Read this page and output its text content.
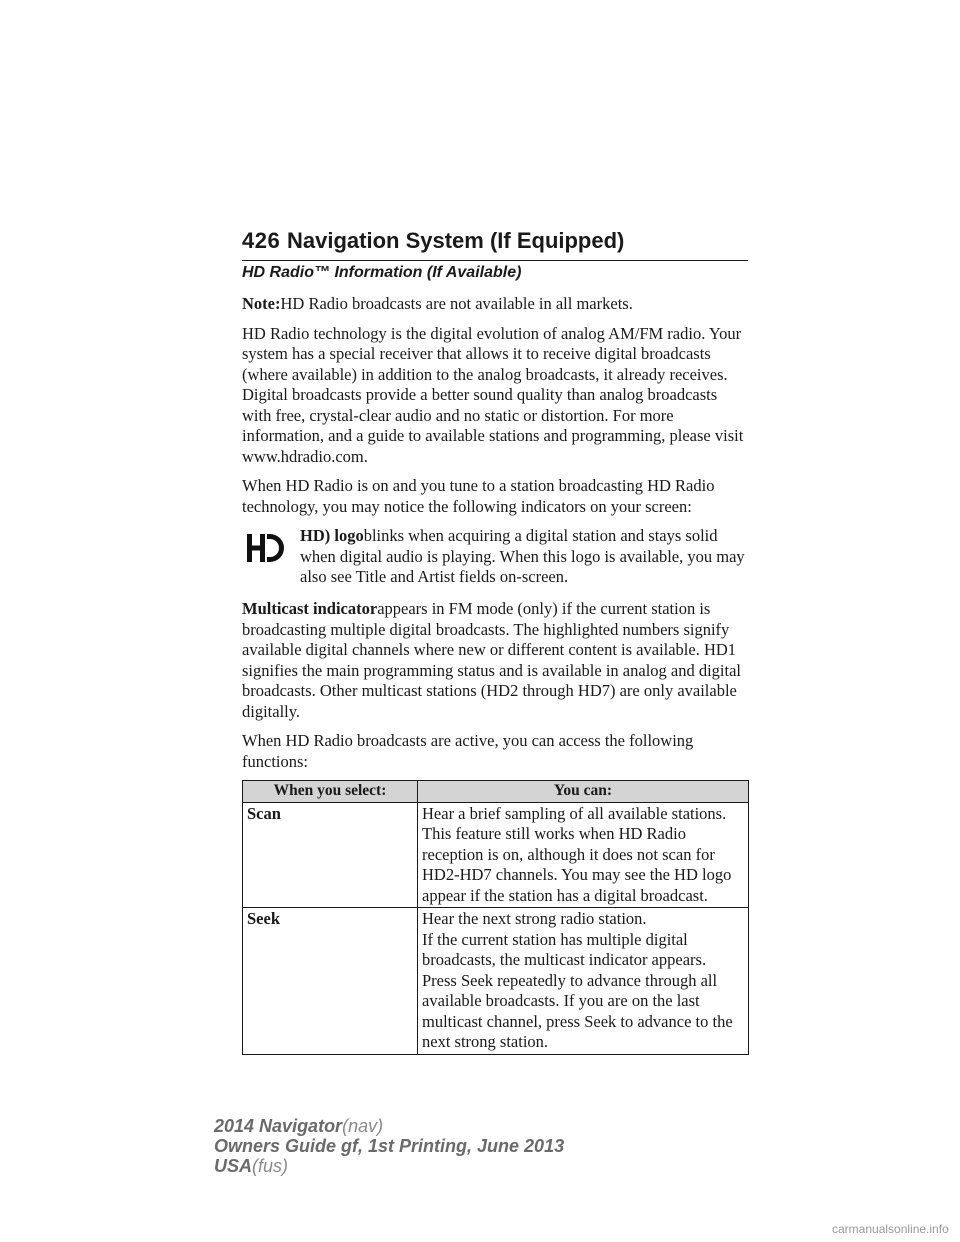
426 Navigation System (If Equipped)
HD Radio™ Information (If Available)

Note:HD Radio broadcasts are not available in all markets.

HD Radio technology is the digital evolution of analog AM/FM radio. Your system has a special receiver that allows it to receive digital broadcasts (where available) in addition to the analog broadcasts, it already receives. Digital broadcasts provide a better sound quality than analog broadcasts with free, crystal-clear audio and no static or distortion. For more information, and a guide to available stations and programming, please visit www.hdradio.com.

When HD Radio is on and you tune to a station broadcasting HD Radio technology, you may notice the following indicators on your screen:

HD) logoblinks when acquiring a digital station and stays solid when digital audio is playing. When this logo is available, you may also see Title and Artist fields on-screen.

Multicast indicatorappears in FM mode (only) if the current station is broadcasting multiple digital broadcasts. The highlighted numbers signify available digital channels where new or different content is available. HD1 signifies the main programming status and is available in analog and digital broadcasts. Other multicast stations (HD2 through HD7) are only available digitally.

When HD Radio broadcasts are active, you can access the following functions:

When you select:	You can:
Scan	Hear a brief sampling of all available stations. This feature still works when HD Radio reception is on, although it does not scan for HD2-HD7 channels. You may see the HD logo appear if the station has a digital broadcast.

Seek	Hear the next strong radio station.
If the current station has multiple digital broadcasts, the multicast indicator appears. Press Seek repeatedly to advance through all available broadcasts. If you are on the last multicast channel, press Seek to advance to the next strong station.
2014 Navigator(nav)
Owners Guide gf, 1st Printing, June 2013
USA(fus)
carmanualsonline.info
